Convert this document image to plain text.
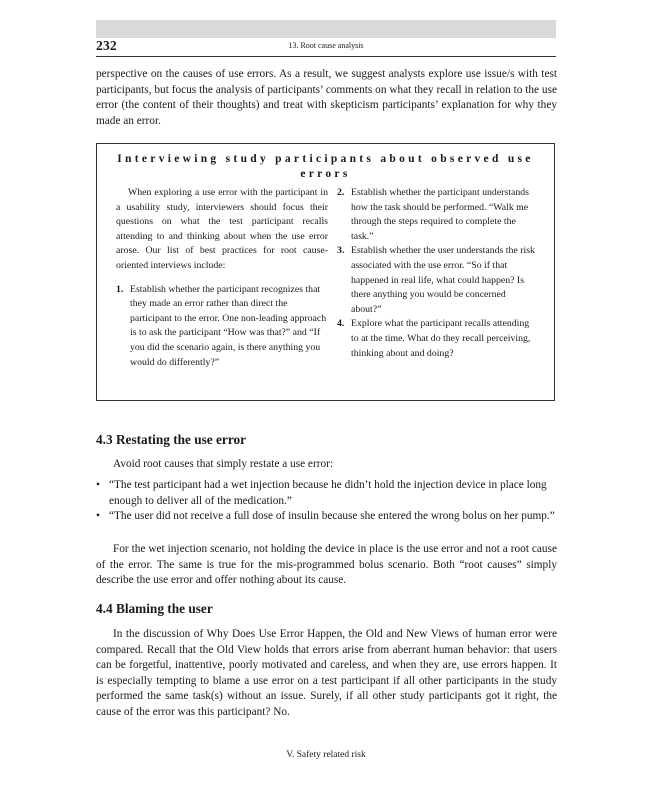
232	13. Root cause analysis

perspective on the causes of use errors. As a result, we suggest analysts explore use issue/s with test participants, but focus the analysis of participants’ comments on what they recall in relation to the use error (the content of their thoughts) and treat with skepticism participants’ explanation for why they made an error.

Interviewing study participants about observed use errors

When exploring a use error with the participant in a usability study, interviewers should focus their questions on what the test participant recalls attending to and thinking about when the use error arose. Our list of best practices for root cause-oriented interviews include:

1. Establish whether the participant recognizes that they made an error rather than direct the participant to the error. One non-leading approach is to ask the participant “How was that?” and “If you did the scenario again, is there anything you would do differently?”
2. Establish whether the participant understands how the task should be performed. “Walk me through the steps required to complete the task.”
3. Establish whether the user understands the risk associated with the use error. “So if that happened in real life, what could happen? Is there anything you would be concerned about?”
4. Explore what the participant recalls attending to at the time. What do they recall perceiving, thinking about and doing?
4.3 Restating the use error

Avoid root causes that simply restate a use error:

• “The test participant had a wet injection because he didn’t hold the injection device in place long enough to deliver all of the medication.”
• “The user did not receive a full dose of insulin because she entered the wrong bolus on her pump.”

For the wet injection scenario, not holding the device in place is the use error and not a root cause of the error. The same is true for the mis-programmed bolus scenario. Both “root causes” simply describe the use error and offer nothing about its cause.

4.4 Blaming the user

In the discussion of Why Does Use Error Happen, the Old and New Views of human error were compared. Recall that the Old View holds that errors arise from aberrant human behavior: that users can be forgetful, inattentive, poorly motivated and careless, and when they are, use errors happen. It is especially tempting to blame a use error on a test participant if all other participants in the study performed the same task(s) without an issue. Surely, if all other study participants got it right, the cause of the error was this participant? No.

V. Safety related risk
